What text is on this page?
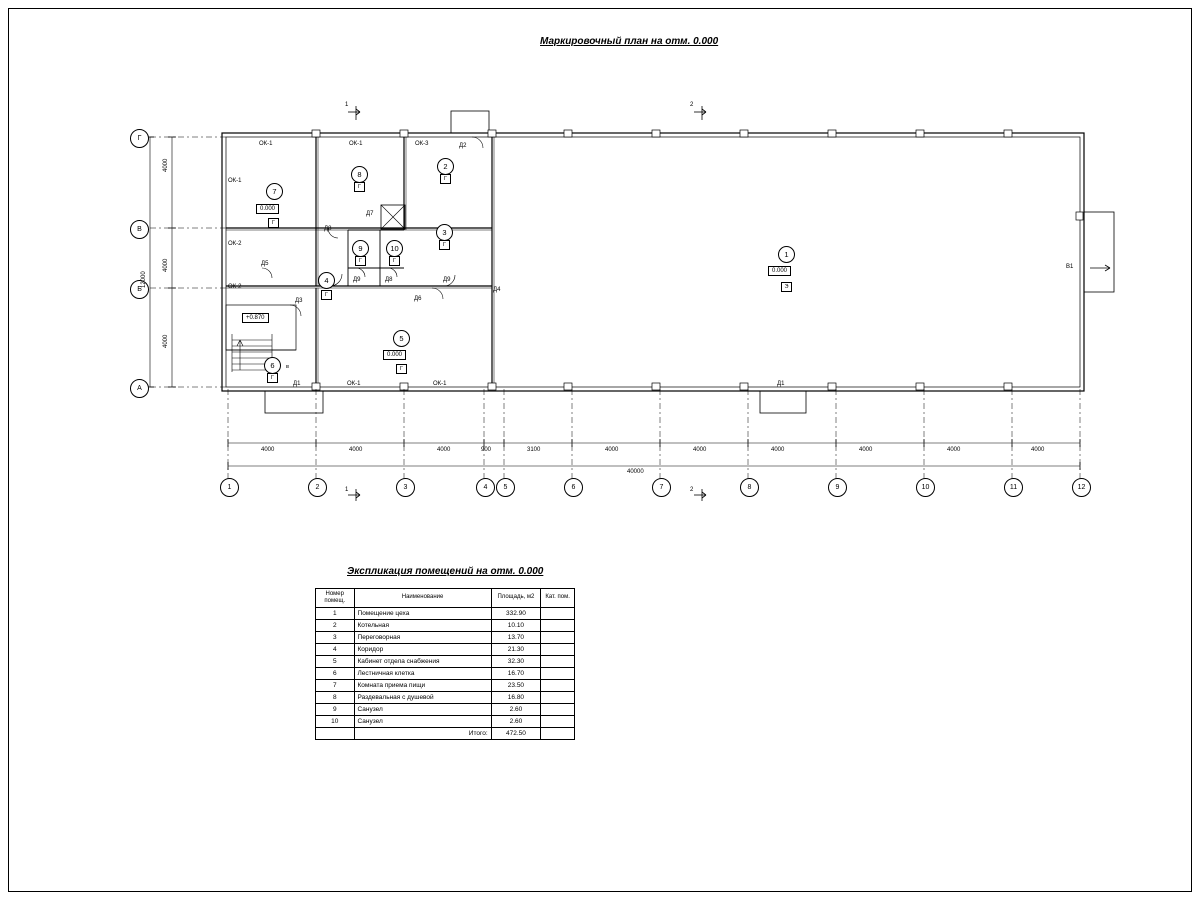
Маркировочный план на отм. 0.000
Экспликация помещений на отм. 0.000
Г
В
Б
А
1	2	3	4	5	6	7	8	9	10	11	12
4000
4000
4000
12000
4000	4000	4000	900	3100	4000	4000	4000	4000	4000	4000
40000
1
1
2
2
ОК-1	ОК-1	ОК-3
ОК-1
ОК-2
ОК-2
ОК-1	ОК-1
Д2
Д8
Д7
Д5
Д9	Д8	Д9
Д3	Д6
Д4
Д1	Д1
В1
7
0.000
Г
8
Г
2
Г
3
Г
9
Г
10
Г
4
Г
5
0.000
Г
6
Г
в
1
0.000
Э
+0.870
Номер помещ.	Наименование	Площадь, м2	Кат. пом.
1	Помещение цеха	332.90	
2	Котельная	10.10	
3	Переговорная	13.70	
4	Коридор	21.30	
5	Кабинет отдела снабжения	32.30	
6	Лестничная клетка	16.70	
7	Комната приема пищи	23.50	
8	Раздевальная с душевой	16.80	
9	Санузел	2.60	
10	Санузел	2.60	
	Итого:	472.50	
